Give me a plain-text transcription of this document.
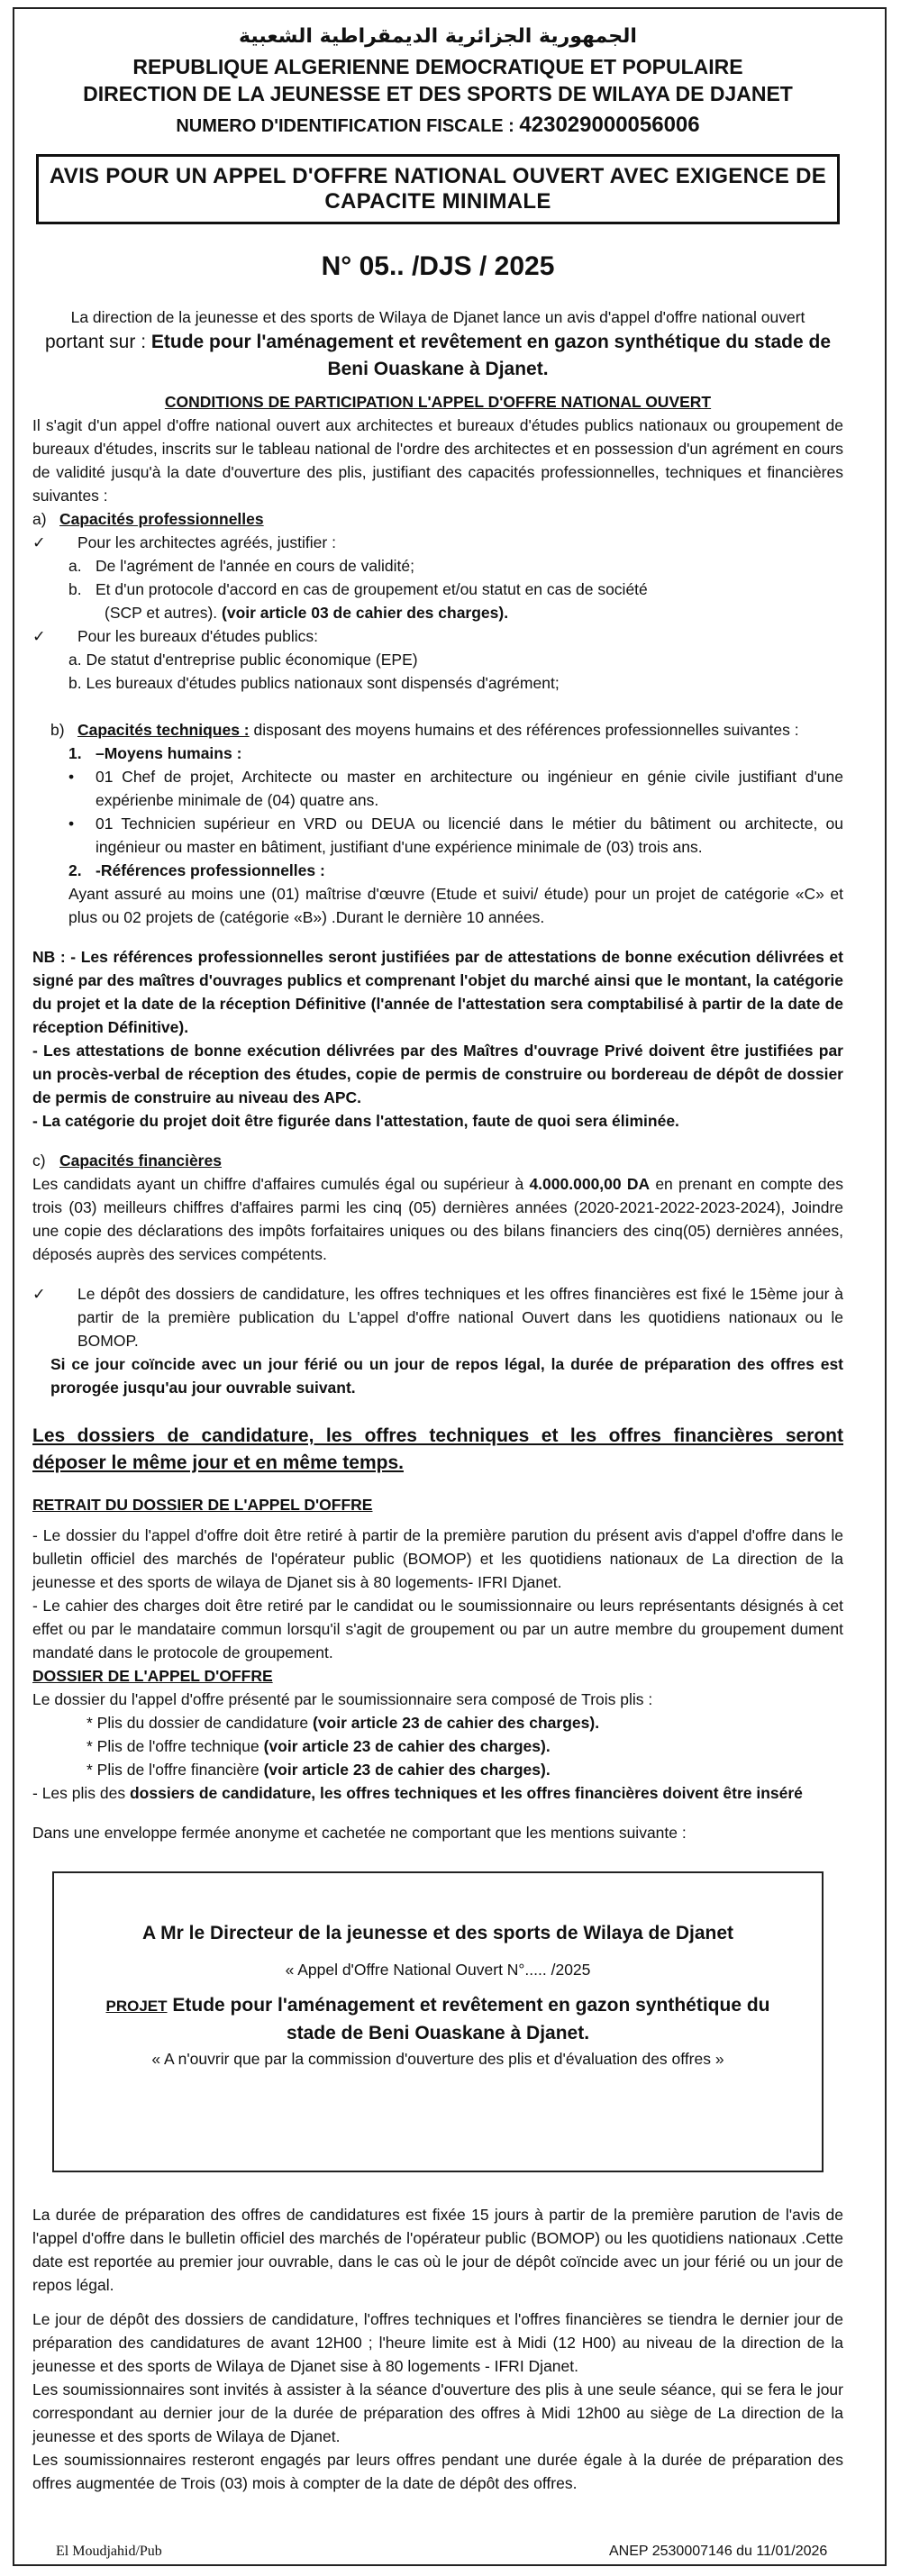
الجمهورية الجزائرية الديمقراطية الشعبية
REPUBLIQUE ALGERIENNE DEMOCRATIQUE ET POPULAIRE
DIRECTION DE LA JEUNESSE ET DES SPORTS DE WILAYA DE DJANET
NUMERO D'IDENTIFICATION FISCALE : 423029000056006
AVIS POUR UN APPEL D'OFFRE NATIONAL OUVERT AVEC EXIGENCE DE CAPACITE MINIMALE
N° 05.. /DJS / 2025

La direction de la jeunesse et des sports de Wilaya de Djanet lance un avis d'appel d'offre national ouvert

portant sur : Etude pour l'aménagement et revêtement en gazon synthétique du stade de Beni Ouaskane à Djanet.

CONDITIONS DE PARTICIPATION L'APPEL D'OFFRE NATIONAL OUVERT

Il s'agit d'un appel d'offre national ouvert aux architectes et bureaux d'études publics nationaux ou groupement de bureaux d'études, inscrits sur le tableau national de l'ordre des architectes et en possession d'un agrément en cours de validité jusqu'à la date d'ouverture des plis, justifiant des capacités professionnelles, techniques et financières suivantes :

a) Capacités professionnelles
✓	Pour les architectes agréés, justifier :
a. De l'agrément de l'année en cours de validité;
b. Et d'un protocole d'accord en cas de groupement et/ou statut en cas de société
(SCP et autres).
(voir article 03 de cahier des charges).
✓	Pour les bureaux d'études publics:
a. De statut d'entreprise public économique (EPE)
b. Les bureaux d'études publics nationaux sont dispensés d'agrément;
b) Capacités techniques : disposant des moyens humains et des références professionnelles suivantes :
1. –Moyens humains :
•	01 Chef de projet, Architecte ou master en architecture ou ingénieur en génie civile justifiant d'une expérienbe minimale de (04) quatre ans.
•	01 Technicien supérieur en VRD ou DEUA ou licencié dans le métier du bâtiment ou architecte, ou ingénieur ou master en bâtiment, justifiant d'une expérience minimale de (03) trois ans.
2. -Références professionnelles :

Ayant assuré au moins une (01) maîtrise d'œuvre (Etude et suivi/ étude) pour un projet de catégorie «C» et plus ou 02 projets de (catégorie «B») .Durant le dernière 10 années.

NB : - Les références professionnelles seront justifiées par de attestations de bonne exécution délivrées et signé par des maîtres d'ouvrages publics et comprenant l'objet du marché ainsi que le montant, la catégorie du projet et la date de la réception Définitive (l'année de l'attestation sera comptabilisé à partir de la date de réception Définitive).

- Les attestations de bonne exécution délivrées par des Maîtres d'ouvrage Privé doivent être justifiées par un procès-verbal de réception des études, copie de permis de construire ou bordereau de dépôt de dossier de permis de construire au niveau des APC.

- La catégorie du projet doit être figurée dans l'attestation, faute de quoi sera éliminée.

c) Capacités financières

Les candidats ayant un chiffre d'affaires cumulés égal ou supérieur à 4.000.000,00 DA en prenant en compte des trois (03) meilleurs chiffres d'affaires parmi les cinq (05) dernières années (2020-2021-2022-2023-2024), Joindre une copie des déclarations des impôts forfaitaires uniques ou des bilans financiers des cinq(05) dernières années, déposés auprès des services compétents.

✓	Le dépôt des dossiers de candidature, les offres techniques et les offres financières est fixé le 15ème jour à partir de la première publication du L'appel d'offre national Ouvert dans les quotidiens nationaux ou le BOMOP.

Si ce jour coïncide avec un jour férié ou un jour de repos légal, la durée de préparation des offres est prorogée jusqu'au jour ouvrable suivant.

Les dossiers de candidature, les offres techniques et les offres financières seront déposer le même jour et en même temps.

RETRAIT DU DOSSIER DE L'APPEL D'OFFRE

- Le dossier du l'appel d'offre doit être retiré à partir de la première parution du présent avis d'appel d'offre dans le bulletin officiel des marchés de l'opérateur public (BOMOP) et les quotidiens nationaux de La direction de la jeunesse et des sports de wilaya de Djanet sis à 80 logements- IFRI Djanet.

- Le cahier des charges doit être retiré par le candidat ou le soumissionnaire ou leurs représentants désignés à cet effet ou par le mandataire commun lorsqu'il s'agit de groupement ou par un autre membre du groupement dument mandaté dans le protocole de groupement.

DOSSIER DE L'APPEL D'OFFRE

Le dossier du l'appel d'offre présenté par le soumissionnaire sera composé de Trois plis :

* Plis du dossier de candidature (voir article 23 de cahier des charges).

* Plis de l'offre technique (voir article 23 de cahier des charges).

* Plis de l'offre financière (voir article 23 de cahier des charges).

- Les plis des dossiers de candidature, les offres techniques et les offres financières doivent être inséré

Dans une enveloppe fermée anonyme et cachetée ne comportant que les mentions suivante :

A Mr le Directeur de la jeunesse et des sports de Wilaya de Djanet

« Appel d'Offre National Ouvert N°..... /2025

PROJET Etude pour l'aménagement et revêtement en gazon synthétique du stade de Beni Ouaskane à Djanet.

« A n'ouvrir que par la commission d'ouverture des plis et d'évaluation des offres »

La durée de préparation des offres de candidatures est fixée 15 jours à partir de la première parution de l'avis de l'appel d'offre dans le bulletin officiel des marchés de l'opérateur public (BOMOP) ou les quotidiens nationaux .Cette date est reportée au premier jour ouvrable, dans le cas où le jour de dépôt coïncide avec un jour férié ou un jour de repos légal.

Le jour de dépôt des dossiers de candidature, l'offres techniques et l'offres financières se tiendra le dernier jour de préparation des candidatures de avant 12H00 ; l'heure limite est à Midi (12 H00) au niveau de la direction de la jeunesse et des sports de Wilaya de Djanet sise à 80 logements - IFRI Djanet.

Les soumissionnaires sont invités à assister à la séance d'ouverture des plis à une seule séance, qui se fera le jour correspondant au dernier jour de la durée de préparation des offres à Midi 12h00 au siège de La direction de la jeunesse et des sports de Wilaya de Djanet.

Les soumissionnaires resteront engagés par leurs offres pendant une durée égale à la durée de préparation des offres augmentée de Trois (03) mois à compter de la date de dépôt des offres.

El Moudjahid/Pub	ANEP 2530007146 du 11/01/2026
